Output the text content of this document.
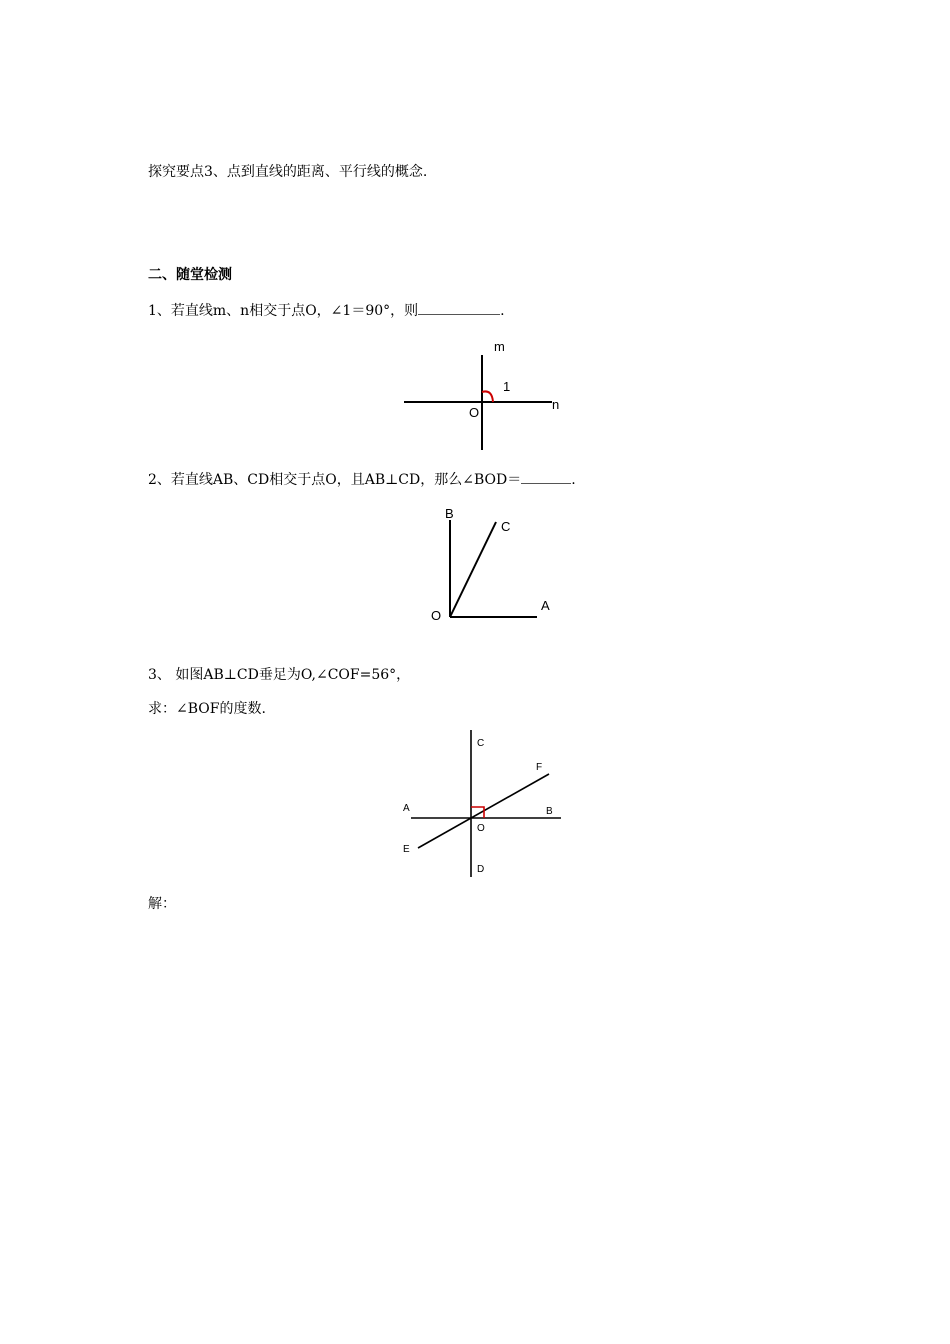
探究要点3、点到直线的距离、平行线的概念.
二、随堂检测
1、若直线m、n相交于点O，∠1＝90°，则	.
2、若直线AB、CD相交于点O，且AB⊥CD，那么∠BOD＝	.
3、 如图AB⊥CD垂足为O,∠COF=56°，
求：∠BOF的度数.
解：
m
1
n
O
B
C
O
A
C
F
A	B
O
E
D
